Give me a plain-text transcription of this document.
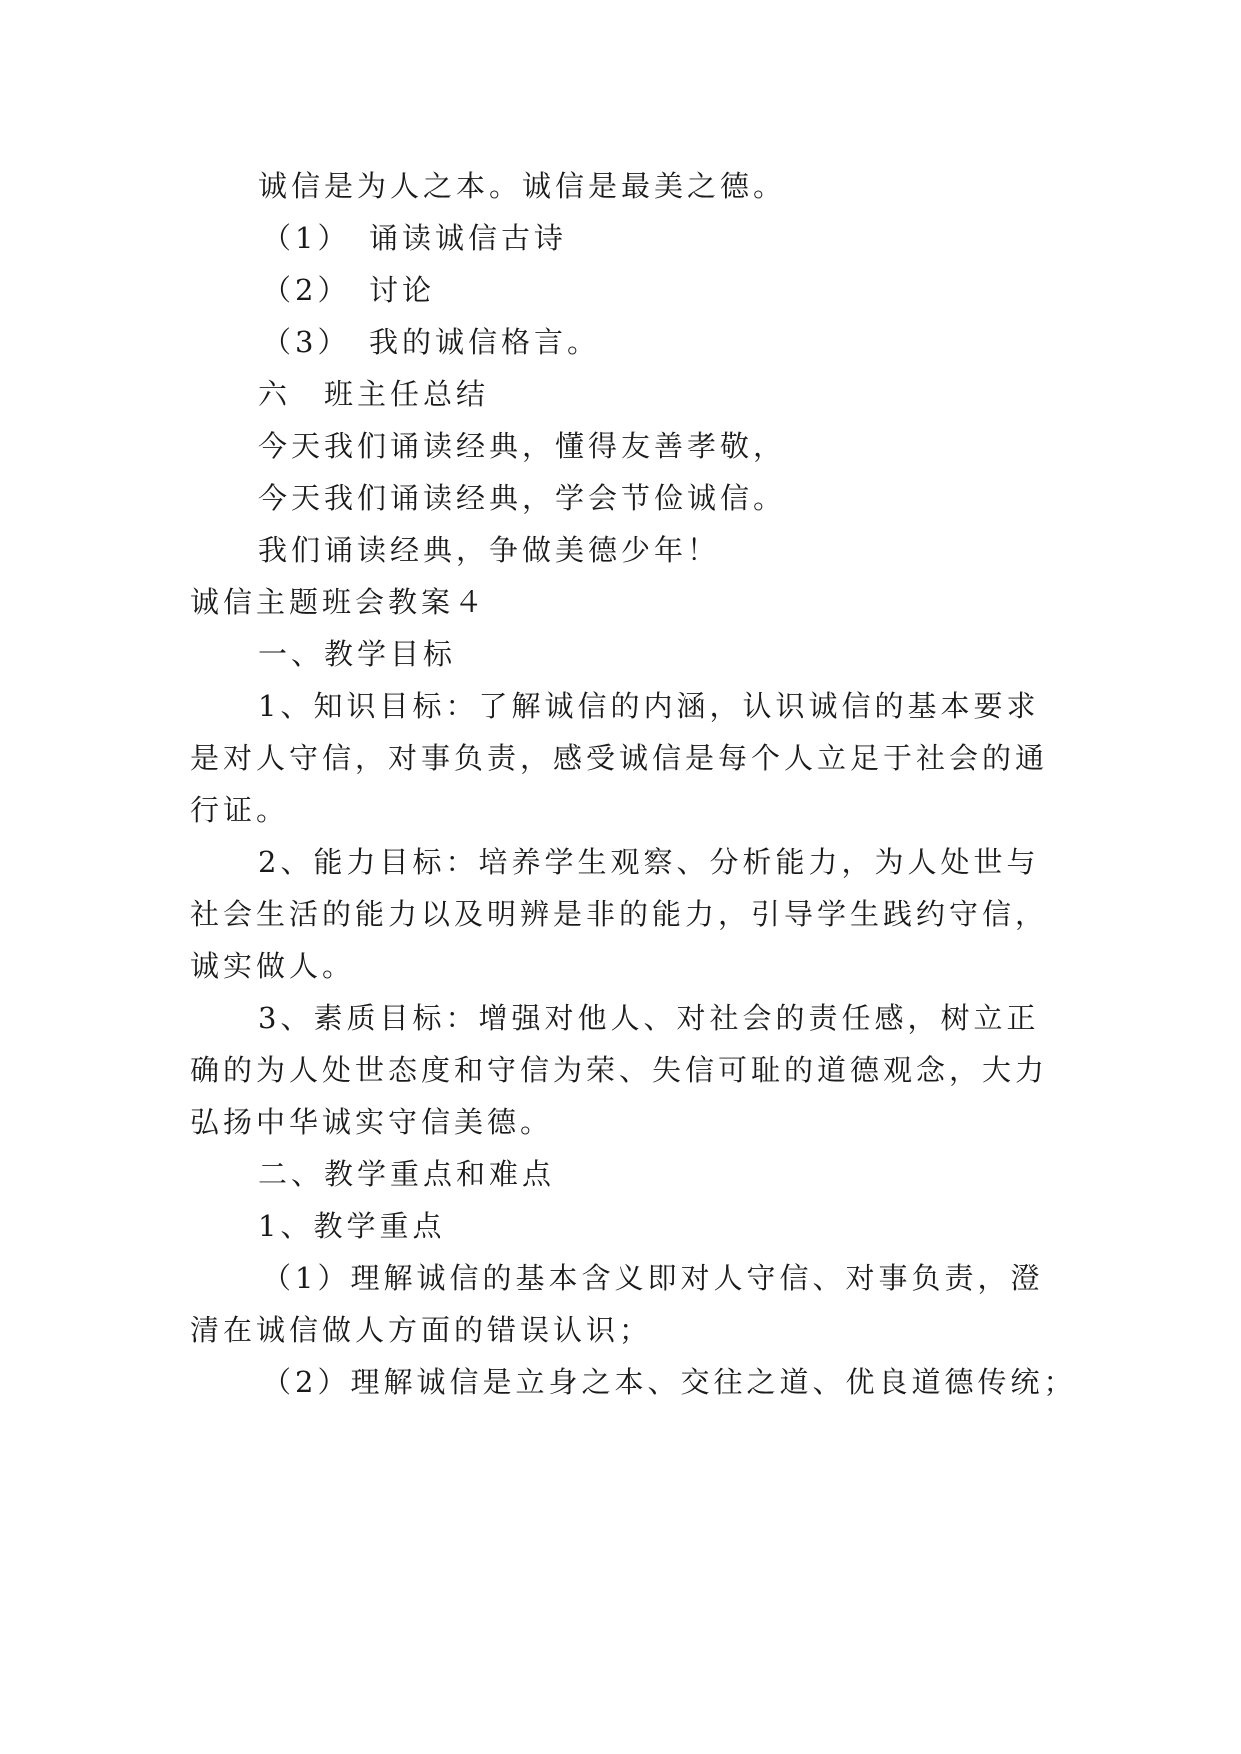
诚信是为人之本。诚信是最美之德。
（1）　诵读诚信古诗
（2）　讨论
（3）　我的诚信格言。
六　班主任总结
今天我们诵读经典，懂得友善孝敬，
今天我们诵读经典，学会节俭诚信。
我们诵读经典，争做美德少年！
诚信主题班会教案４
一、教学目标
1、知识目标：了解诚信的内涵，认识诚信的基本要求
是对人守信，对事负责，感受诚信是每个人立足于社会的通
行证。
2、能力目标：培养学生观察、分析能力，为人处世与
社会生活的能力以及明辨是非的能力，引导学生践约守信，
诚实做人。
3、素质目标：增强对他人、对社会的责任感，树立正
确的为人处世态度和守信为荣、失信可耻的道德观念，大力
弘扬中华诚实守信美德。
二、教学重点和难点
1、教学重点
（1）理解诚信的基本含义即对人守信、对事负责，澄
清在诚信做人方面的错误认识；
（2）理解诚信是立身之本、交往之道、优良道德传统；
